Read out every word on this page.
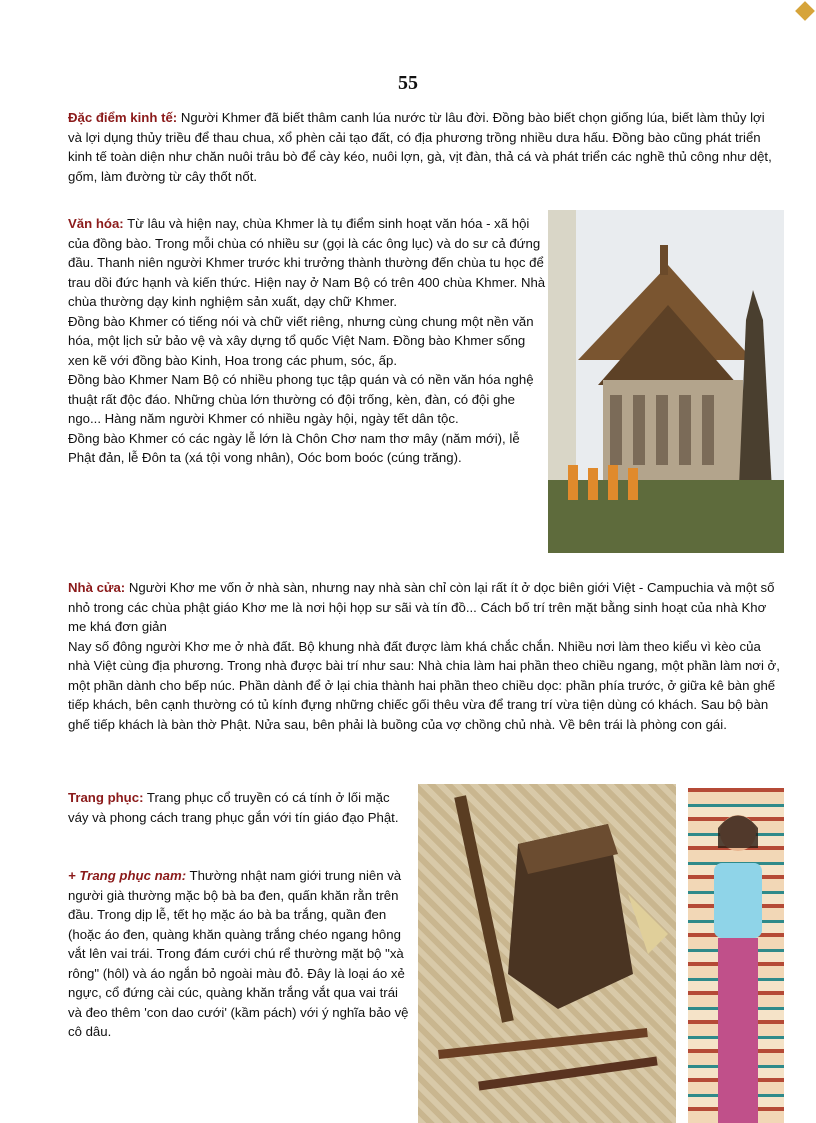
55

Đặc điểm kinh tế: Người Khmer đã biết thâm canh lúa nước từ lâu đời. Đồng bào biết chọn giống lúa, biết làm thủy lợi và lợi dụng thủy triều để thau chua, xổ phèn cải tạo đất, có địa phương trồng nhiều dưa hấu. Đồng bào cũng phát triển kinh tế toàn diện như chăn nuôi trâu bò để cày kéo, nuôi lợn, gà, vịt đàn, thả cá và phát triển các nghề thủ công như dệt, gốm, làm đường từ cây thốt nốt.

Văn hóa: Từ lâu và hiện nay, chùa Khmer là tụ điểm sinh hoạt văn hóa - xã hội của đồng bào. Trong mỗi chùa có nhiều sư (gọi là các ông lục) và do sư cả đứng đầu. Thanh niên người Khmer trước khi trưởng thành thường đến chùa tu học để trau dồi đức hạnh và kiến thức. Hiện nay ở Nam Bộ có trên 400 chùa Khmer. Nhà chùa thường dạy kinh nghiệm sản xuất, dạy chữ Khmer.
Đồng bào Khmer có tiếng nói và chữ viết riêng, nhưng cùng chung một nền văn hóa, một lịch sử bảo vệ và xây dựng tổ quốc Việt Nam. Đồng bào Khmer sống xen kẽ với đồng bào Kinh, Hoa trong các phum, sóc, ấp.
Đồng bào Khmer Nam Bộ có nhiều phong tục tập quán và có nền văn hóa nghệ thuật rất độc đáo. Những chùa lớn thường có đội trống, kèn, đàn, có đội ghe ngo... Hàng năm người Khmer có nhiều ngày hội, ngày tết dân tộc.
Đồng bào Khmer có các ngày lễ lớn là Chôn Chơ nam thơ mây (năm mới), lễ Phật đản, lễ Đôn ta (xá tội vong nhân), Oóc bom boóc (cúng trăng).
Nhà cửa: Người Khơ me vốn ở nhà sàn, nhưng nay nhà sàn chỉ còn lại rất ít ở dọc biên giới Việt - Campuchia và một số nhỏ trong các chùa phật giáo Khơ me là nơi hội họp sư sãi và tín đồ... Cách bố trí trên mặt bằng sinh hoạt của nhà Khơ me khá đơn giản
Nay số đông người Khơ me ở nhà đất. Bộ khung nhà đất được làm khá chắc chắn. Nhiều nơi làm theo kiểu vì kèo của nhà Việt cùng địa phương. Trong nhà được bài trí như sau: Nhà chia làm hai phần theo chiều ngang, một phần làm nơi ở, một phần dành cho bếp núc. Phần dành để ở lại chia thành hai phần theo chiều dọc: phần phía trước, ở giữa kê bàn ghế tiếp khách, bên cạnh thường có tủ kính đựng những chiếc gối thêu vừa để trang trí vừa tiện dùng có khách. Sau bộ bàn ghế tiếp khách là bàn thờ Phật. Nửa sau, bên phải là buồng của vợ chồng chủ nhà. Về bên trái là phòng con gái.

Trang phục: Trang phục cổ truyền có cá tính ở lối mặc váy và phong cách trang phục gắn với tín giáo đạo Phật.

+ Trang phục nam: Thường nhật nam giới trung niên và người già thường mặc bộ bà ba đen, quấn khăn rằn trên đầu. Trong dịp lễ, tết họ mặc áo bà ba trắng, quần đen (hoặc áo đen, quàng khăn quàng trắng chéo ngang hông vắt lên vai trái. Trong đám cưới chú rể thường mặt bộ "xà rông" (hôl) và áo ngắn bỏ ngoài màu đỏ. Đây là loại áo xẻ ngực, cổ đứng cài cúc, quàng khăn trắng vắt qua vai trái và đeo thêm 'con dao cưới' (kầm pách) với ý nghĩa bảo vệ cô dâu.
